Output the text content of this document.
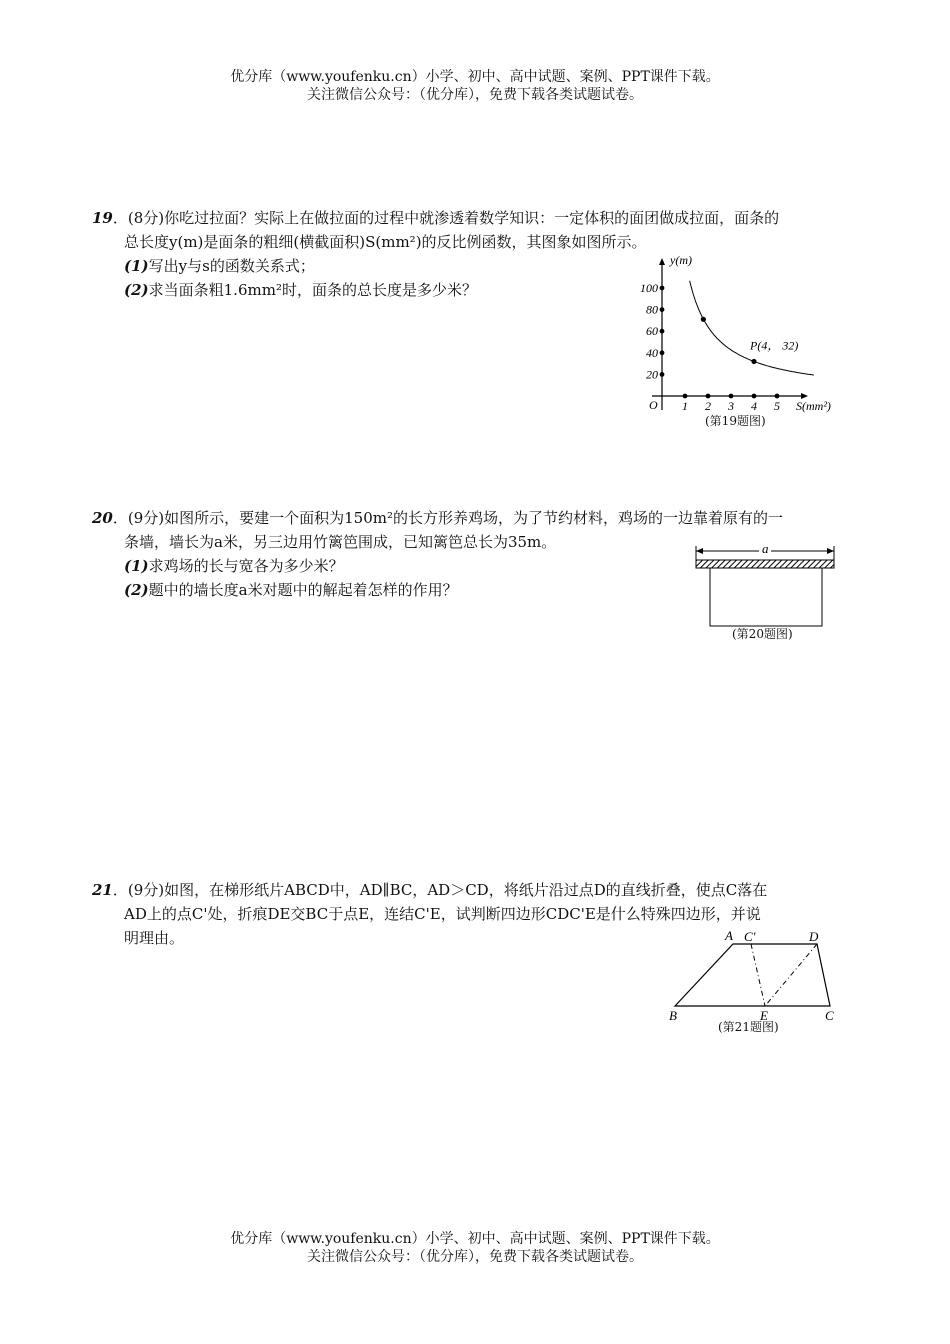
优分库（www.youfenku.cn）小学、初中、高中试题、案例、PPT课件下载。
关注微信公众号：（优分库），免费下载各类试题试卷。

19．(8分)你吃过拉面？实际上在做拉面的过程中就渗透着数学知识：一定体积的面团做成拉面，面条的

总长度y(m)是面条的粗细(横截面积)S(mm²)的反比例函数，其图象如图所示。

(1)写出y与s的函数关系式；

(2)求当面条粗1.6mm²时，面条的总长度是多少米？

y(m)
S(mm²)
O 1 2 3 4 5
20
40
60
80
100
P(4， 32)
(第19题图)

20．(9分)如图所示，要建一个面积为150m²的长方形养鸡场，为了节约材料，鸡场的一边靠着原有的一

条墙，墙长为a米，另三边用竹篱笆围成，已知篱笆总长为35m。

(1)求鸡场的长与宽各为多少米？

(2)题中的墙长度a米对题中的解起着怎样的作用？

a
(第20题图)

21．(9分)如图，在梯形纸片ABCD中，AD∥BC，AD＞CD，将纸片沿过点D的直线折叠，使点C落在

AD上的点C'处，折痕DE交BC于点E，连结C'E，试判断四边形CDC'E是什么特殊四边形，并说

明理由。	A C'	D
B	E	C
(第21题图)
优分库（www.youfenku.cn）小学、初中、高中试题、案例、PPT课件下载。
关注微信公众号：（优分库），免费下载各类试题试卷。
